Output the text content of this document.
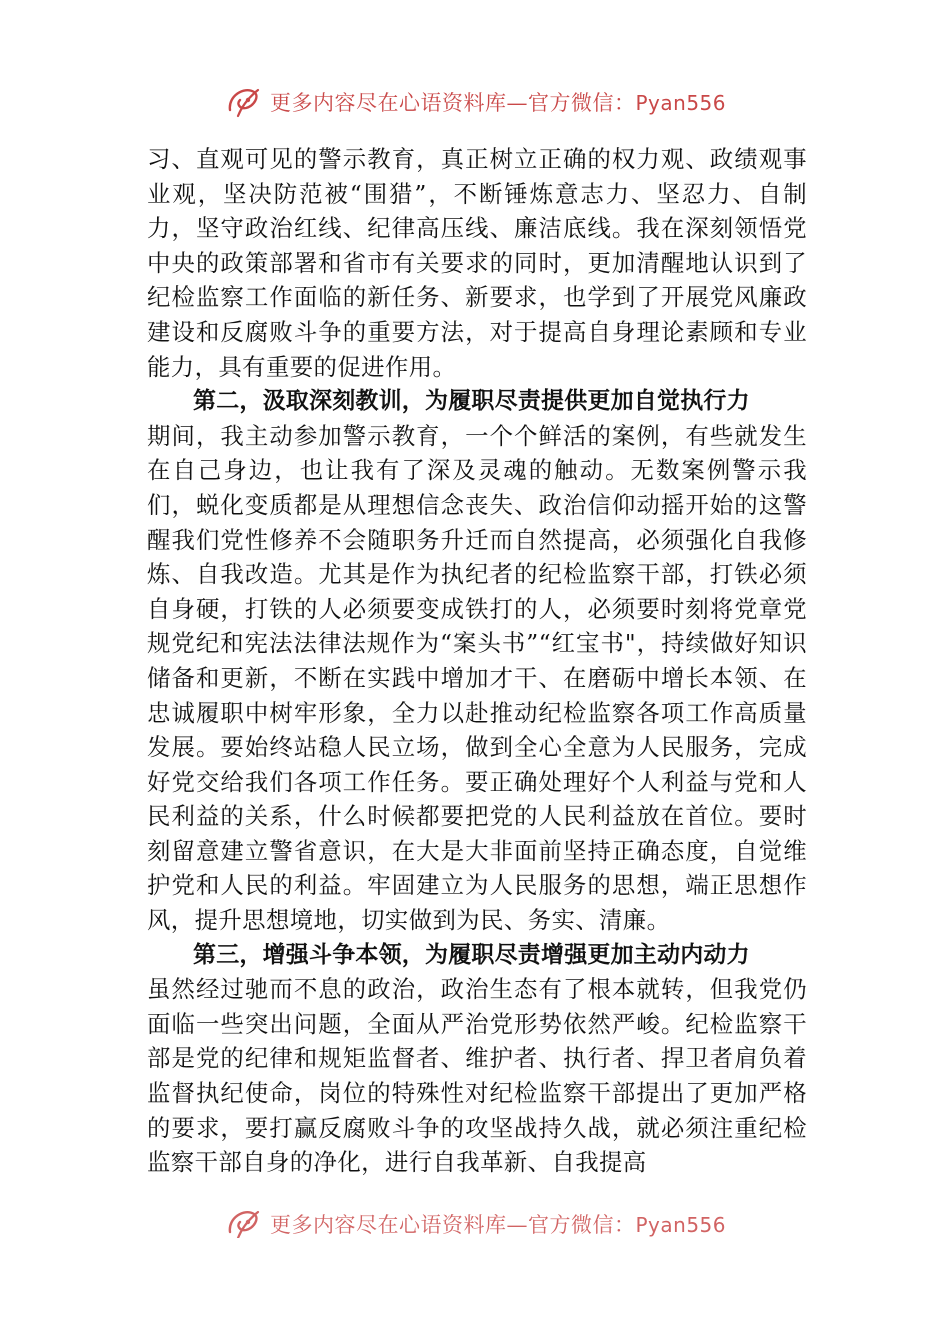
更多内容尽在心语资料库—官方微信：Pyan556

习、直观可见的警示教育，真正树立正确的权力观、政绩观事业观，坚决防范被“围猎”，不断锤炼意志力、坚忍力、自制力，坚守政治红线、纪律高压线、廉洁底线。我在深刻领悟党中央的政策部署和省市有关要求的同时，更加清醒地认识到了纪检监察工作面临的新任务、新要求，也学到了开展党风廉政建设和反腐败斗争的重要方法，对于提高自身理论素顾和专业能力，具有重要的促进作用。

第二，汲取深刻教训，为履职尽责提供更加自觉执行力

期间，我主动参加警示教育，一个个鲜活的案例，有些就发生在自己身边，也让我有了深及灵魂的触动。无数案例警示我们，蜕化变质都是从理想信念丧失、政治信仰动摇开始的这警醒我们党性修养不会随职务升迁而自然提高，必须强化自我修炼、自我改造。尤其是作为执纪者的纪检监察干部，打铁必须自身硬，打铁的人必须要变成铁打的人，必须要时刻将党章党规党纪和宪法法律法规作为“案头书”“红宝书"，持续做好知识储备和更新，不断在实践中增加才干、在磨砺中增长本领、在忠诚履职中树牢形象，全力以赴推动纪检监察各项工作高质量发展。要始终站稳人民立场，做到全心全意为人民服务，完成好党交给我们各项工作任务。要正确处理好个人利益与党和人民利益的关系，什么时候都要把党的人民利益放在首位。要时刻留意建立警省意识，在大是大非面前坚持正确态度，自觉维护党和人民的利益。牢固建立为人民服务的思想，端正思想作风，提升思想境地，切实做到为民、务实、清廉。

第三，增强斗争本领，为履职尽责增强更加主动内动力

虽然经过驰而不息的政治，政治生态有了根本就转，但我党仍面临一些突出问题，全面从严治党形势依然严峻。纪检监察干部是党的纪律和规矩监督者、维护者、执行者、捍卫者肩负着监督执纪使命，岗位的特殊性对纪检监察干部提出了更加严格的要求，要打赢反腐败斗争的攻坚战持久战，就必须注重纪检监察干部自身的净化，进行自我革新、自我提高

更多内容尽在心语资料库—官方微信：Pyan556
